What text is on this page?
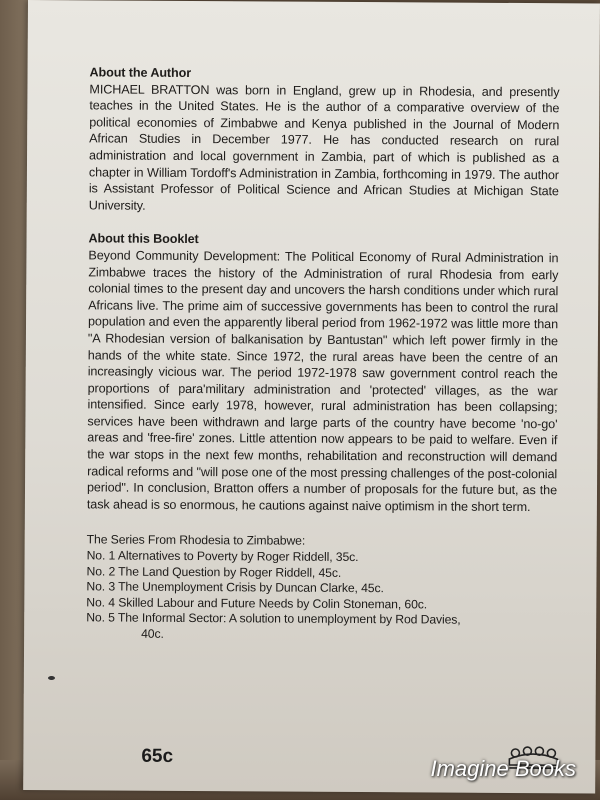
About the Author

MICHAEL BRATTON was born in England, grew up in Rhodesia, and presently teaches in the United States. He is the author of a comparative overview of the political economies of Zimbabwe and Kenya published in the Journal of Modern African Studies in December 1977. He has conducted research on rural administration and local government in Zambia, part of which is published as a chapter in William Tordoff's Administration in Zambia, forthcoming in 1979. The author is Assistant Professor of Political Science and African Studies at Michigan State University.

About this Booklet

Beyond Community Development: The Political Economy of Rural Administration in Zimbabwe traces the history of the Administration of rural Rhodesia from early colonial times to the present day and uncovers the harsh conditions under which rural Africans live. The prime aim of successive governments has been to control the rural population and even the apparently liberal period from 1962-1972 was little more than "A Rhodesian version of balkanisation by Bantustan" which left power firmly in the hands of the white state. Since 1972, the rural areas have been the centre of an increasingly vicious war. The period 1972-1978 saw government control reach the proportions of para'military administration and 'protected' villages, as the war intensified. Since early 1978, however, rural administration has been collapsing; services have been withdrawn and large parts of the country have become 'no-go' areas and 'free-fire' zones. Little attention now appears to be paid to welfare. Even if the war stops in the next few months, rehabilitation and reconstruction will demand radical reforms and "will pose one of the most pressing challenges of the post-colonial period". In conclusion, Bratton offers a number of proposals for the future but, as the task ahead is so enormous, he cautions against naive optimism in the short term.

The Series From Rhodesia to Zimbabwe:

No. 1 Alternatives to Poverty by Roger Riddell, 35c.

No. 2 The Land Question by Roger Riddell, 45c.

No. 3 The Unemployment Crisis by Duncan Clarke, 45c.

No. 4 Skilled Labour and Future Needs by Colin Stoneman, 60c.

No. 5 The Informal Sector: A solution to unemployment by Rod Davies,

40c.

65c	Imagine Books
